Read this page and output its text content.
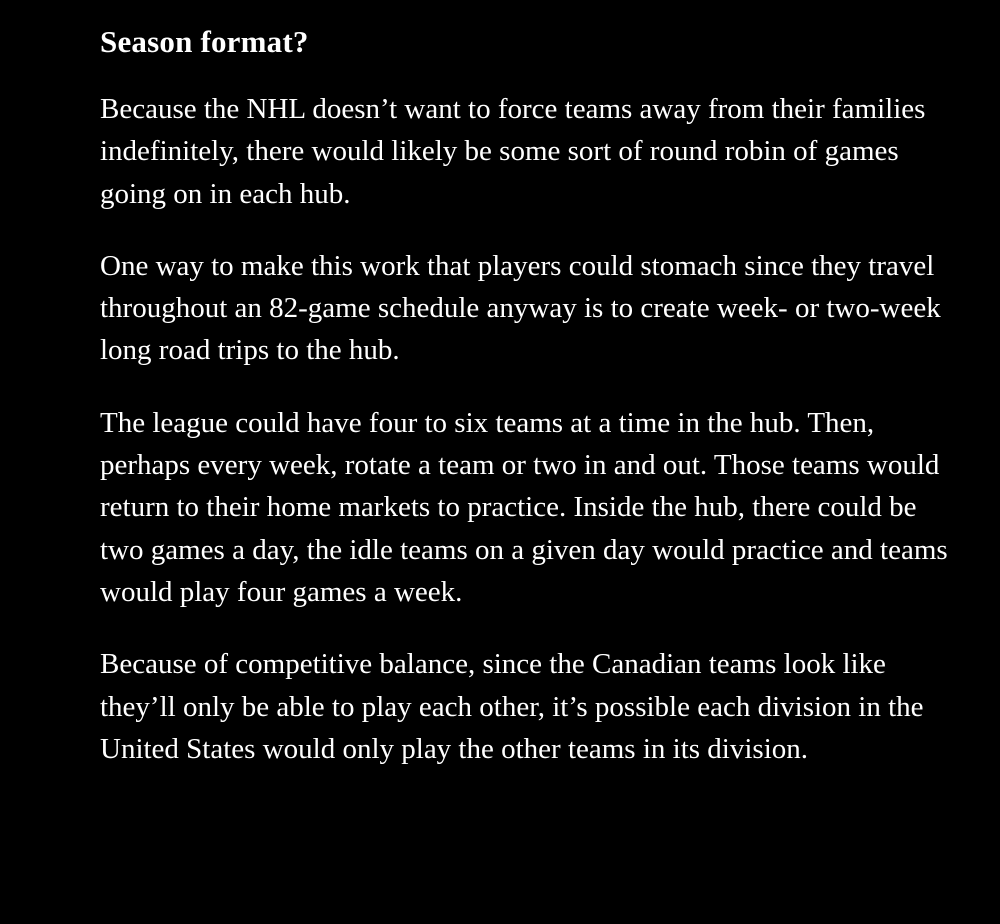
Season format?

Because the NHL doesn’t want to force teams away from their families indefinitely, there would likely be some sort of round robin of games going on in each hub.

One way to make this work that players could stomach since they travel throughout an 82-game schedule anyway is to create week- or two-week long road trips to the hub.

The league could have four to six teams at a time in the hub. Then, perhaps every week, rotate a team or two in and out. Those teams would return to their home markets to practice. Inside the hub, there could be two games a day, the idle teams on a given day would practice and teams would play four games a week.

Because of competitive balance, since the Canadian teams look like they’ll only be able to play each other, it’s possible each division in the United States would only play the other teams in its division.
